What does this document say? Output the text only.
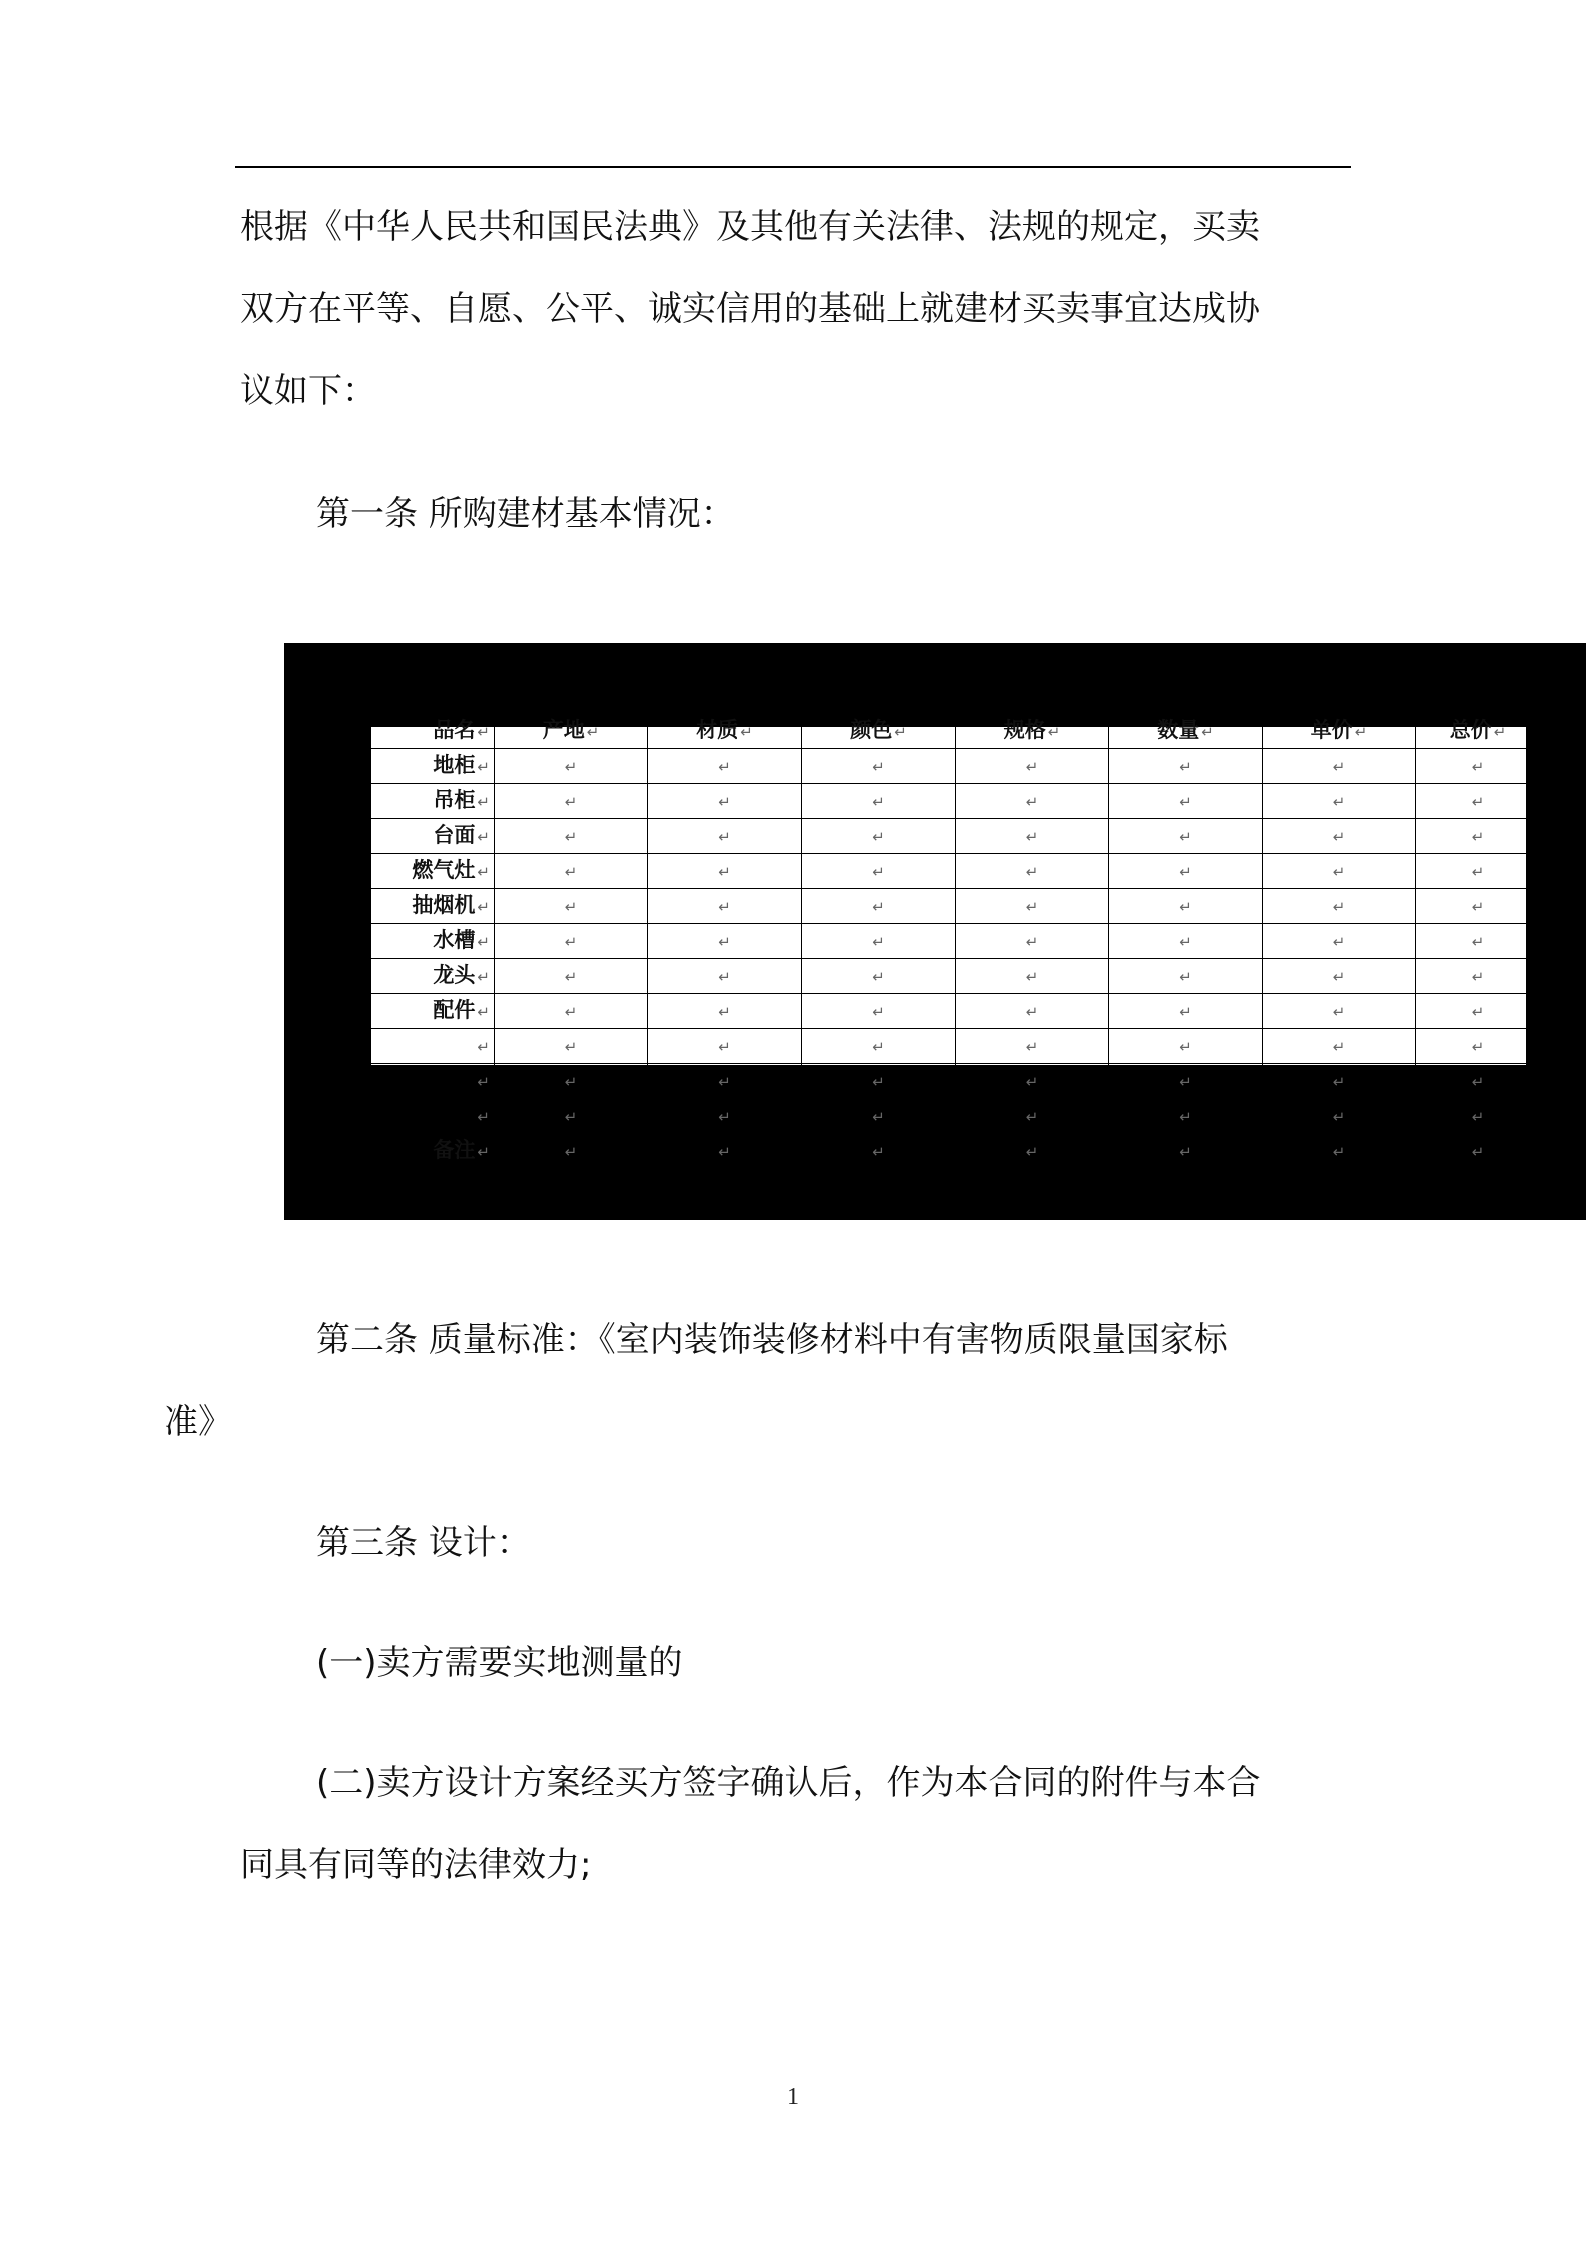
根据《中华人民共和国民法典》及其他有关法律、法规的规定，买卖
双方在平等、自愿、公平、诚实信用的基础上就建材买卖事宜达成协
议如下：
第一条 所购建材基本情况：
品名 ↵	产地 ↵	材质 ↵	颜色 ↵	规格 ↵	数量 ↵	单价 ↵	总价 ↵
地柜 ↵	↵	↵	↵	↵	↵	↵	↵
吊柜 ↵	↵	↵	↵	↵	↵	↵	↵
台面 ↵	↵	↵	↵	↵	↵	↵	↵
燃气灶 ↵	↵	↵	↵	↵	↵	↵	↵
抽烟机 ↵	↵	↵	↵	↵	↵	↵	↵
水槽 ↵	↵	↵	↵	↵	↵	↵	↵
龙头 ↵	↵	↵	↵	↵	↵	↵	↵
配件 ↵	↵	↵	↵	↵	↵	↵	↵
↵	↵	↵	↵	↵	↵	↵	↵
↵	↵	↵	↵	↵	↵	↵	↵
↵	↵	↵	↵	↵	↵	↵	↵
备注 ↵	↵	↵	↵	↵	↵	↵	↵
第二条 质量标准：《室内装饰装修材料中有害物质限量国家标
准》
第三条 设计：
(一)卖方需要实地测量的
(二)卖方设计方案经买方签字确认后，作为本合同的附件与本合
同具有同等的法律效力;
1
